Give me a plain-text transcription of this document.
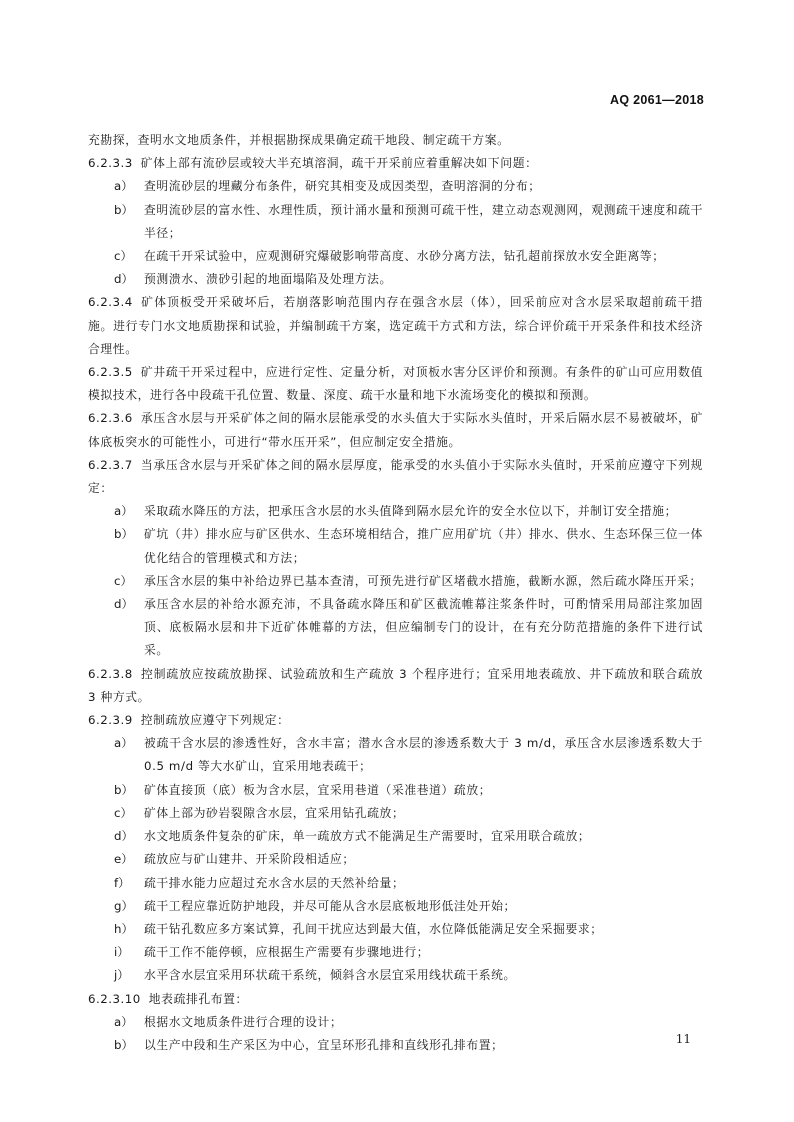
AQ 2061—2018
充勘探，查明水文地质条件，并根据勘探成果确定疏干地段、制定疏干方案。
6.2.3.3 矿体上部有流砂层或较大半充填溶洞，疏干开采前应着重解决如下问题：
a） 查明流砂层的埋藏分布条件，研究其相变及成因类型，查明溶洞的分布；
b） 查明流砂层的富水性、水理性质，预计涌水量和预测可疏干性，建立动态观测网，观测疏干速度和疏干半径；
c） 在疏干开采试验中，应观测研究爆破影响带高度、水砂分离方法，钻孔超前探放水安全距离等；
d） 预测溃水、溃砂引起的地面塌陷及处理方法。
6.2.3.4 矿体顶板受开采破坏后，若崩落影响范围内存在强含水层（体），回采前应对含水层采取超前疏干措施。进行专门水文地质勘探和试验，并编制疏干方案，选定疏干方式和方法，综合评价疏干开采条件和技术经济合理性。
6.2.3.5 矿井疏干开采过程中，应进行定性、定量分析，对顶板水害分区评价和预测。有条件的矿山可应用数值模拟技术，进行各中段疏干孔位置、数量、深度、疏干水量和地下水流场变化的模拟和预测。
6.2.3.6 承压含水层与开采矿体之间的隔水层能承受的水头值大于实际水头值时，开采后隔水层不易被破坏，矿体底板突水的可能性小，可进行“带水压开采”，但应制定安全措施。
6.2.3.7 当承压含水层与开采矿体之间的隔水层厚度，能承受的水头值小于实际水头值时，开采前应遵守下列规定：
a） 采取疏水降压的方法，把承压含水层的水头值降到隔水层允许的安全水位以下，并制订安全措施；
b） 矿坑（井）排水应与矿区供水、生态环境相结合，推广应用矿坑（井）排水、供水、生态环保三位一体优化结合的管理模式和方法；
c） 承压含水层的集中补给边界已基本查清，可预先进行矿区堵截水措施，截断水源，然后疏水降压开采；
d） 承压含水层的补给水源充沛，不具备疏水降压和矿区截流帷幕注浆条件时，可酌情采用局部注浆加固顶、底板隔水层和井下近矿体帷幕的方法，但应编制专门的设计，在有充分防范措施的条件下进行试采。
6.2.3.8 控制疏放应按疏放勘探、试验疏放和生产疏放 3 个程序进行；宜采用地表疏放、井下疏放和联合疏放 3 种方式。
6.2.3.9 控制疏放应遵守下列规定：
a） 被疏干含水层的渗透性好，含水丰富；潜水含水层的渗透系数大于 3 m/d，承压含水层渗透系数大于 0.5 m/d 等大水矿山，宜采用地表疏干；
b） 矿体直接顶（底）板为含水层，宜采用巷道（采准巷道）疏放；
c） 矿体上部为砂岩裂隙含水层，宜采用钻孔疏放；
d） 水文地质条件复杂的矿床，单一疏放方式不能满足生产需要时，宜采用联合疏放；
e） 疏放应与矿山建井、开采阶段相适应；
f）	疏干排水能力应超过充水含水层的天然补给量；
g） 疏干工程应靠近防护地段，并尽可能从含水层底板地形低洼处开始；
h） 疏干钻孔数应多方案试算，孔间干扰应达到最大值，水位降低能满足安全采掘要求；
i）	疏干工作不能停顿，应根据生产需要有步骤地进行；
j）	水平含水层宜采用环状疏干系统，倾斜含水层宜采用线状疏干系统。
6.2.3.10 地表疏排孔布置：
a） 根据水文地质条件进行合理的设计；
b） 以生产中段和生产采区为中心，宜呈环形孔排和直线形孔排布置；	11
